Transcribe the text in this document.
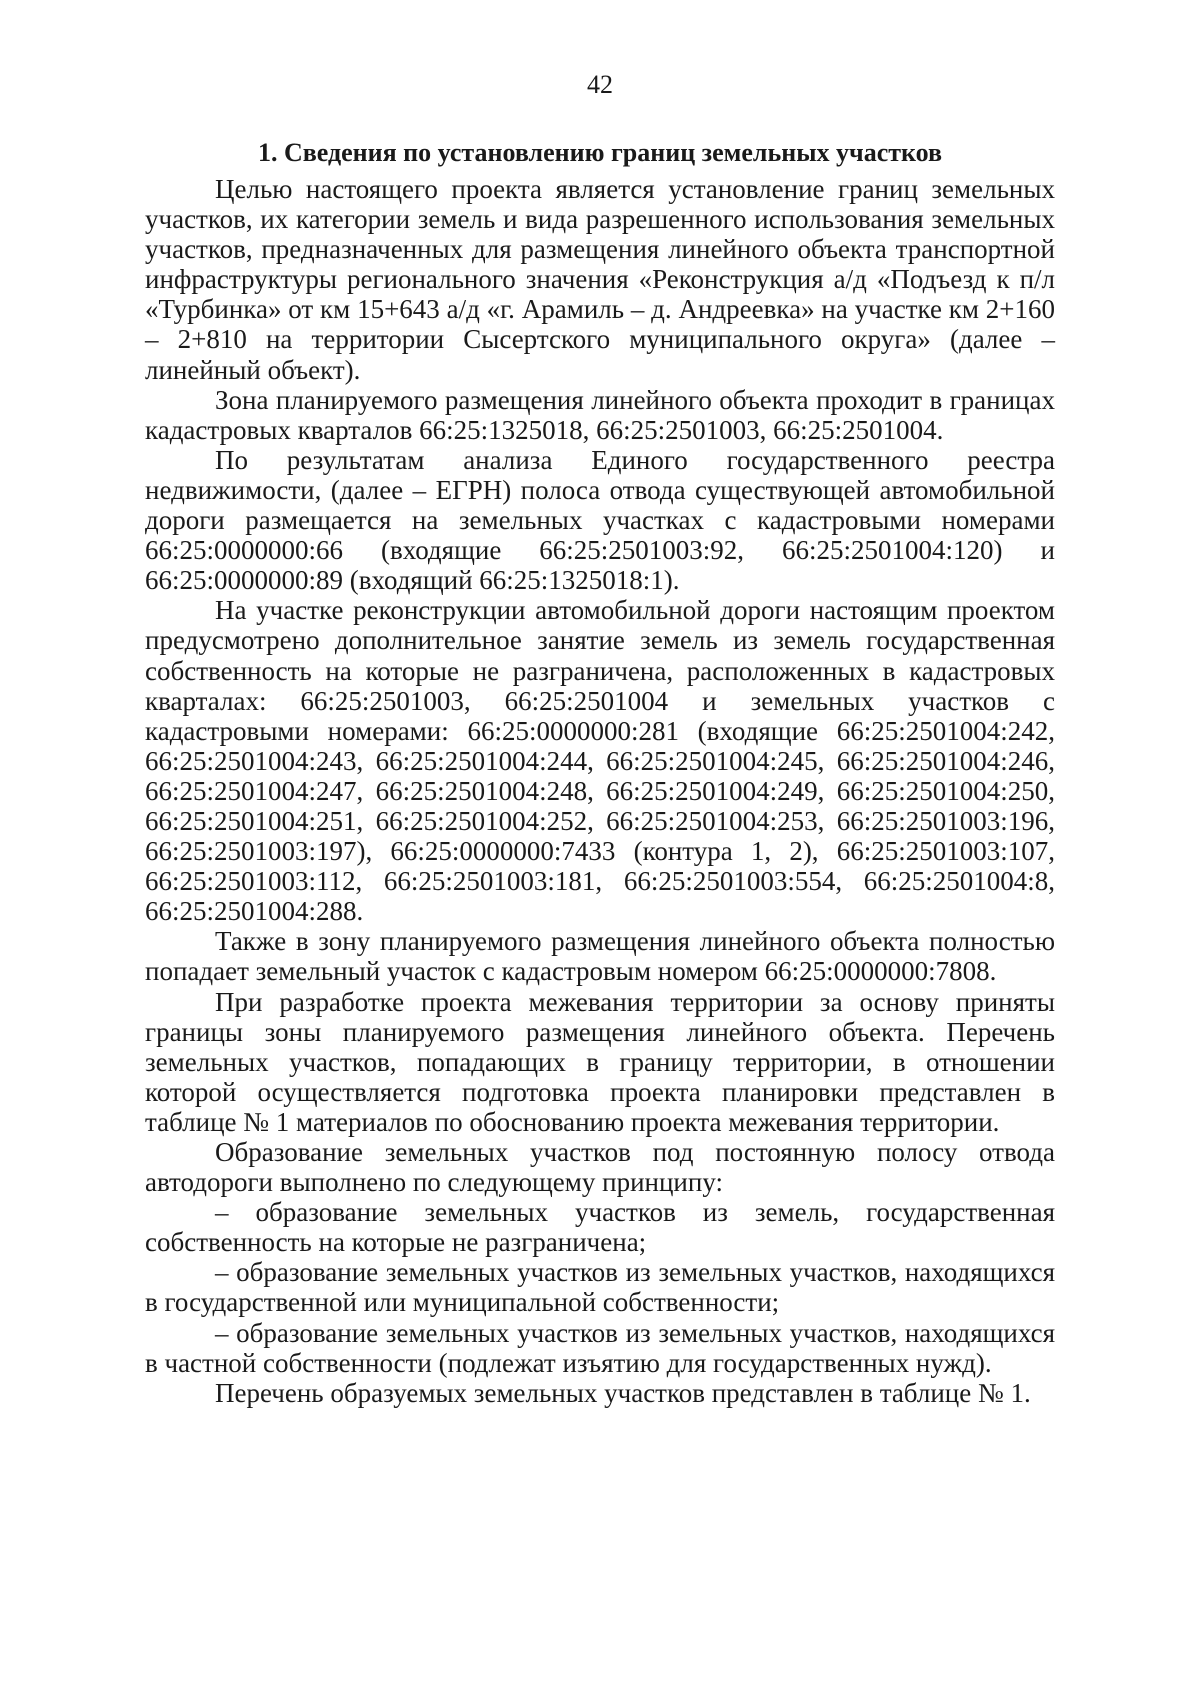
42
1. Сведения по установлению границ земельных участков

Целью настоящего проекта является установление границ земельных участков, их категории земель и вида разрешенного использования земельных участков, предназначенных для размещения линейного объекта транспортной инфраструктуры регионального значения «Реконструкция а/д «Подъезд к п/л «Турбинка» от км 15+643 а/д «г. Арамиль – д. Андреевка» на участке км 2+160 – 2+810 на территории Сысертского муниципального округа» (далее – линейный объект).

Зона планируемого размещения линейного объекта проходит в границах кадастровых кварталов 66:25:1325018, 66:25:2501003, 66:25:2501004.

По результатам анализа Единого государственного реестра недвижимости, (далее – ЕГРН) полоса отвода существующей автомобильной дороги размещается на земельных участках с кадастровыми номерами 66:25:0000000:66 (входящие 66:25:2501003:92, 66:25:2501004:120) и 66:25:0000000:89 (входящий 66:25:1325018:1).

На участке реконструкции автомобильной дороги настоящим проектом предусмотрено дополнительное занятие земель из земель государственная собственность на которые не разграничена, расположенных в кадастровых кварталах: 66:25:2501003, 66:25:2501004 и земельных участков с кадастровыми номерами: 66:25:0000000:281 (входящие 66:25:2501004:242, 66:25:2501004:243, 66:25:2501004:244, 66:25:2501004:245, 66:25:2501004:246, 66:25:2501004:247, 66:25:2501004:248, 66:25:2501004:249, 66:25:2501004:250, 66:25:2501004:251, 66:25:2501004:252, 66:25:2501004:253, 66:25:2501003:196, 66:25:2501003:197), 66:25:0000000:7433 (контура 1, 2), 66:25:2501003:107, 66:25:2501003:112, 66:25:2501003:181, 66:25:2501003:554, 66:25:2501004:8, 66:25:2501004:288.

Также в зону планируемого размещения линейного объекта полностью попадает земельный участок с кадастровым номером 66:25:0000000:7808.

При разработке проекта межевания территории за основу приняты границы зоны планируемого размещения линейного объекта. Перечень земельных участков, попадающих в границу территории, в отношении которой осуществляется подготовка проекта планировки представлен в таблице № 1 материалов по обоснованию проекта межевания территории.

Образование земельных участков под постоянную полосу отвода автодороги выполнено по следующему принципу:

– образование земельных участков из земель, государственная собственность на которые не разграничена;

– образование земельных участков из земельных участков, находящихся в государственной или муниципальной собственности;

– образование земельных участков из земельных участков, находящихся в частной собственности (подлежат изъятию для государственных нужд).

Перечень образуемых земельных участков представлен в таблице № 1.
